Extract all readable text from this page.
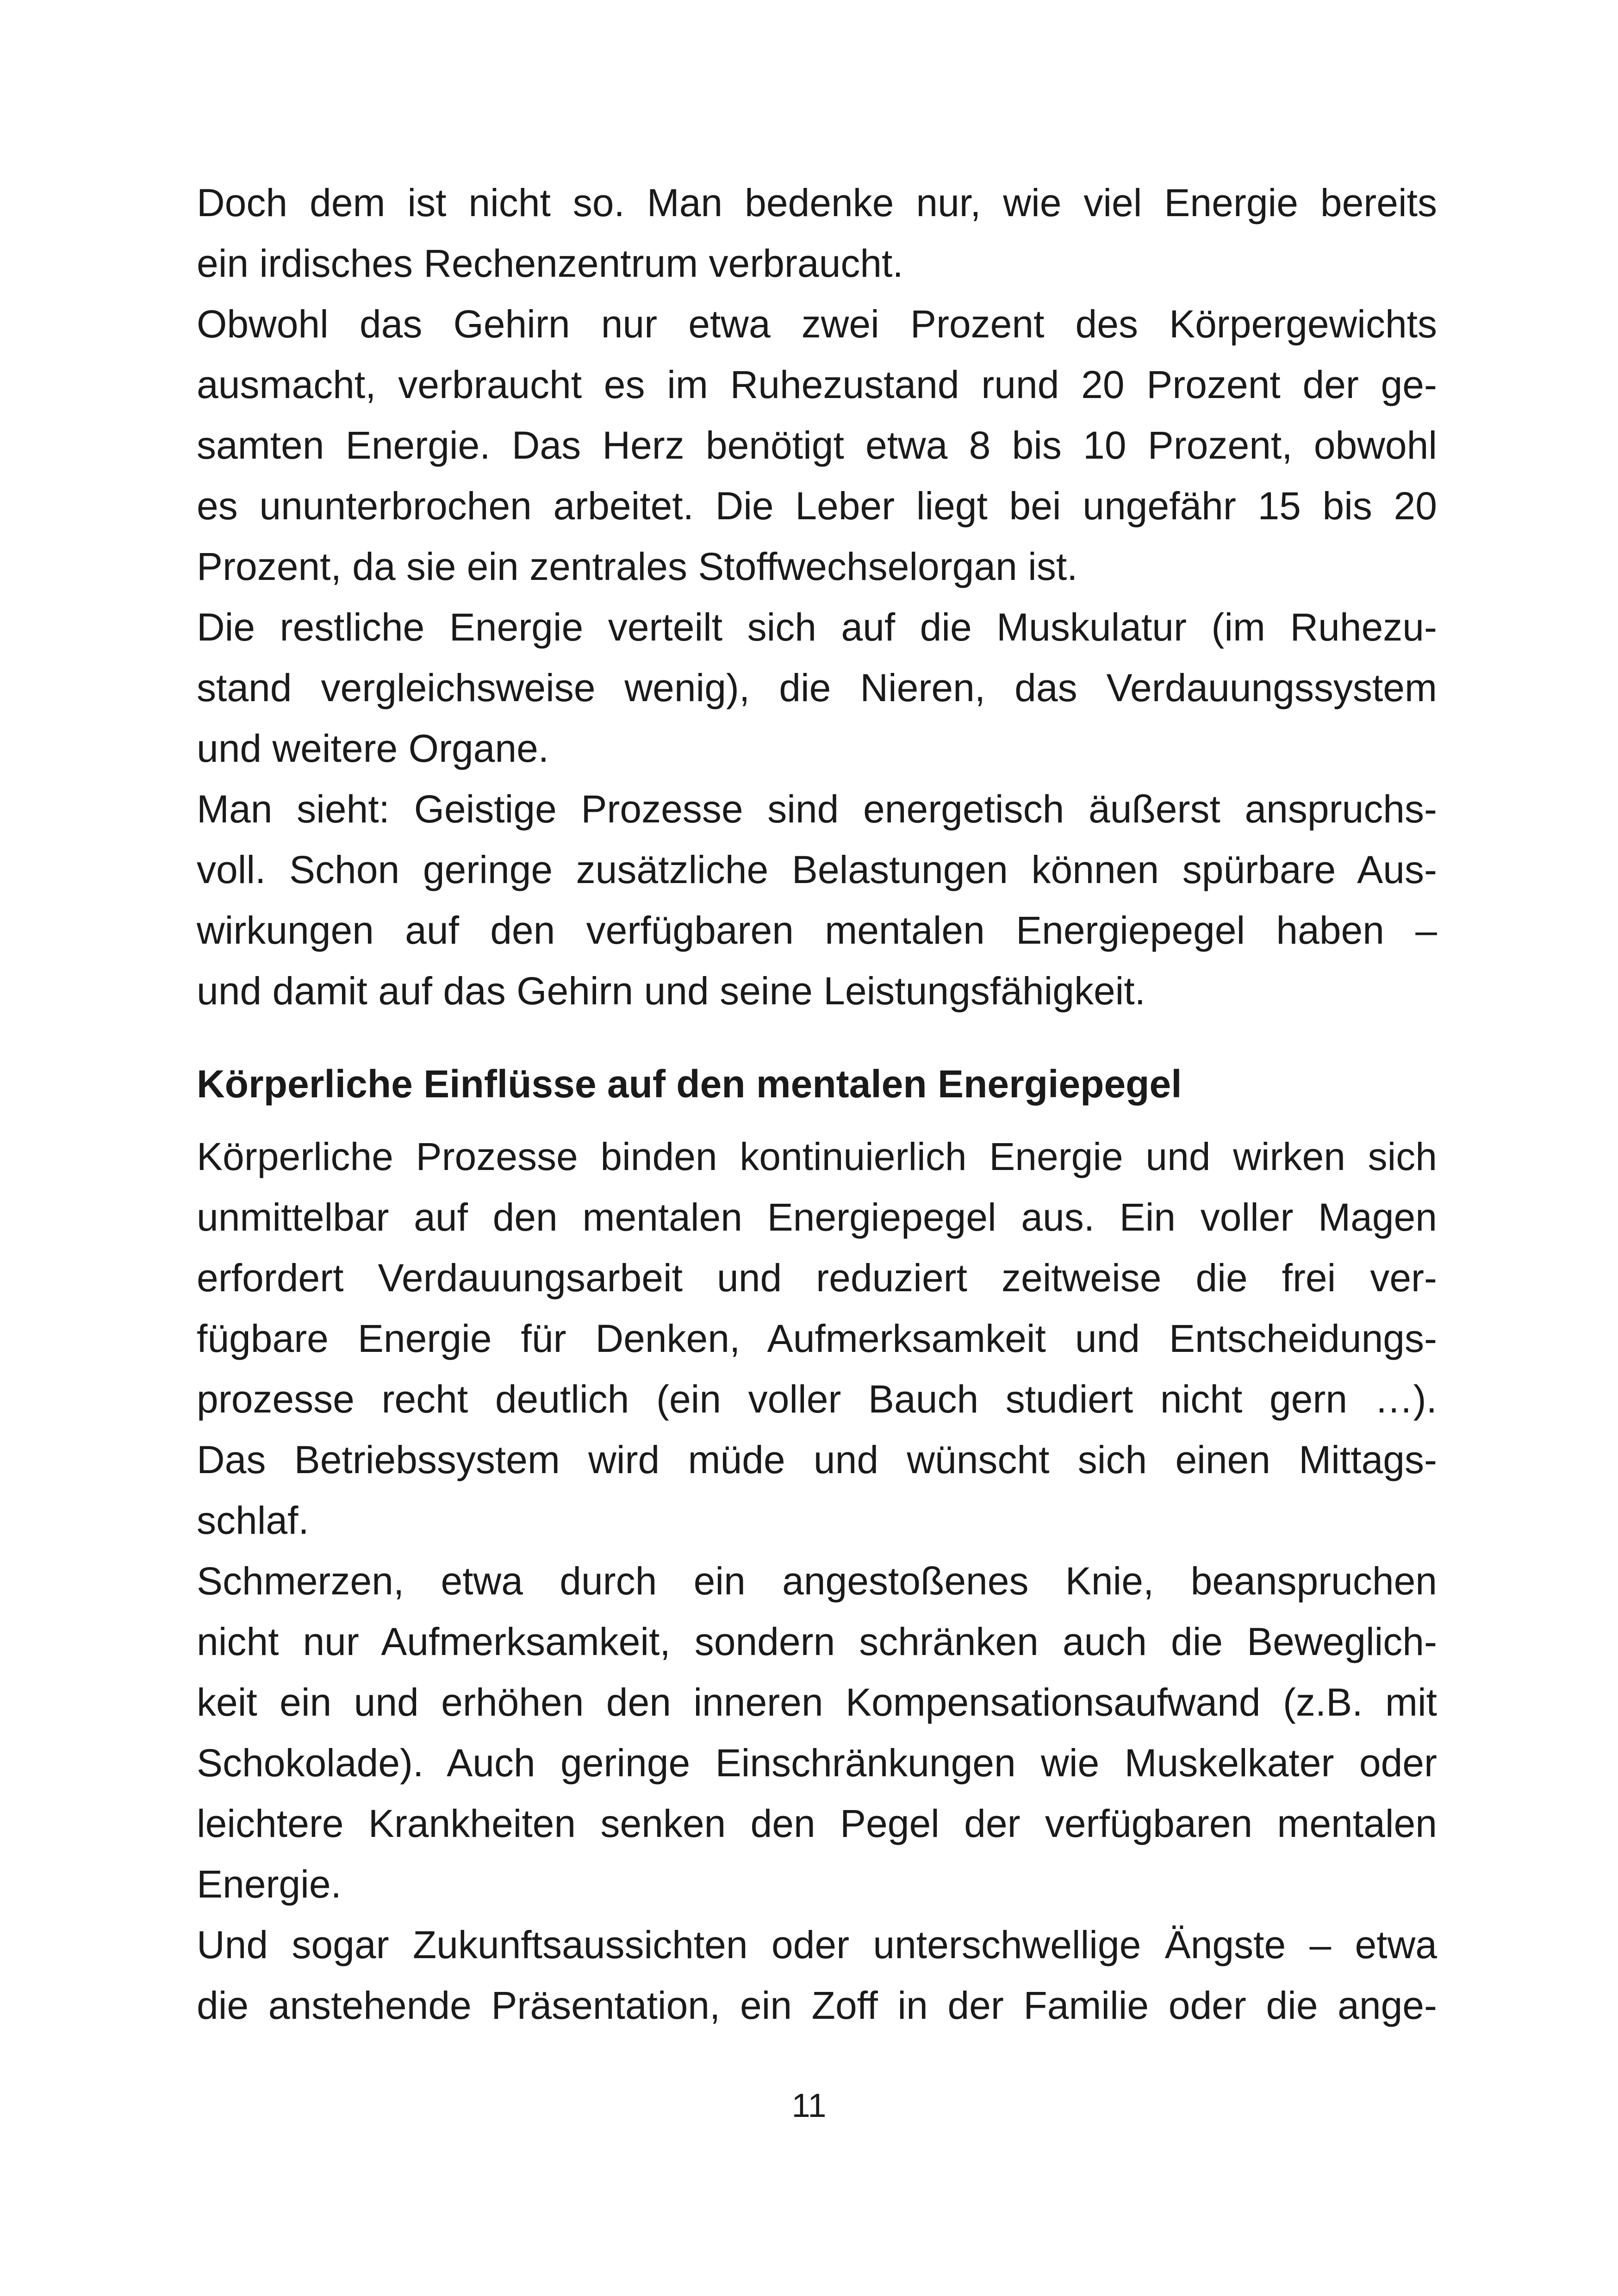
Doch dem ist nicht so. Man bedenke nur, wie viel Energie bereits
ein irdisches Rechenzentrum verbraucht.
Obwohl das Gehirn nur etwa zwei Prozent des Körpergewichts
ausmacht, verbraucht es im Ruhezustand rund 20 Prozent der ge-
samten Energie. Das Herz benötigt etwa 8 bis 10 Prozent, obwohl
es ununterbrochen arbeitet. Die Leber liegt bei ungefähr 15 bis 20
Prozent, da sie ein zentrales Stoffwechselorgan ist.
Die restliche Energie verteilt sich auf die Muskulatur (im Ruhezu-
stand vergleichsweise wenig), die Nieren, das Verdauungssystem
und weitere Organe.
Man sieht: Geistige Prozesse sind energetisch äußerst anspruchs-
voll. Schon geringe zusätzliche Belastungen können spürbare Aus-
wirkungen auf den verfügbaren mentalen Energiepegel haben –
und damit auf das Gehirn und seine Leistungsfähigkeit.
Körperliche Einflüsse auf den mentalen Energiepegel
Körperliche Prozesse binden kontinuierlich Energie und wirken sich
unmittelbar auf den mentalen Energiepegel aus. Ein voller Magen
erfordert Verdauungsarbeit und reduziert zeitweise die frei ver-
fügbare Energie für Denken, Aufmerksamkeit und Entscheidungs-
prozesse recht deutlich (ein voller Bauch studiert nicht gern …).
Das Betriebssystem wird müde und wünscht sich einen Mittags-
schlaf.
Schmerzen, etwa durch ein angestoßenes Knie, beanspruchen
nicht nur Aufmerksamkeit, sondern schränken auch die Beweglich-
keit ein und erhöhen den inneren Kompensationsaufwand (z.B. mit
Schokolade). Auch geringe Einschränkungen wie Muskelkater oder
leichtere Krankheiten senken den Pegel der verfügbaren mentalen
Energie.
Und sogar Zukunftsaussichten oder unterschwellige Ängste – etwa
die anstehende Präsentation, ein Zoff in der Familie oder die ange-
11
